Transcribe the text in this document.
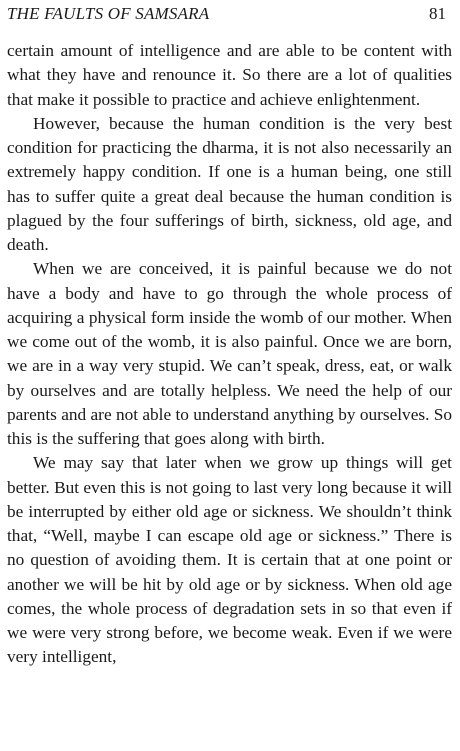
THE FAULTS OF SAMSARA	81

certain amount of intelligence and are able to be content with what they have and renounce it. So there are a lot of qualities that make it possible to practice and achieve enlightenment.

However, because the human condition is the very best condition for practicing the dharma, it is not also necessarily an extremely happy condition. If one is a human being, one still has to suffer quite a great deal because the human condition is plagued by the four sufferings of birth, sickness, old age, and death.

When we are conceived, it is painful because we do not have a body and have to go through the whole process of acquiring a physical form inside the womb of our mother. When we come out of the womb, it is also painful. Once we are born, we are in a way very stupid. We can’t speak, dress, eat, or walk by ourselves and are totally helpless. We need the help of our parents and are not able to understand anything by ourselves. So this is the suffering that goes along with birth.

We may say that later when we grow up things will get better. But even this is not going to last very long because it will be interrupted by either old age or sickness. We shouldn’t think that, “Well, maybe I can escape old age or sickness.” There is no question of avoiding them. It is certain that at one point or another we will be hit by old age or by sickness. When old age comes, the whole process of degradation sets in so that even if we were very strong before, we become weak. Even if we were very intelligent,
